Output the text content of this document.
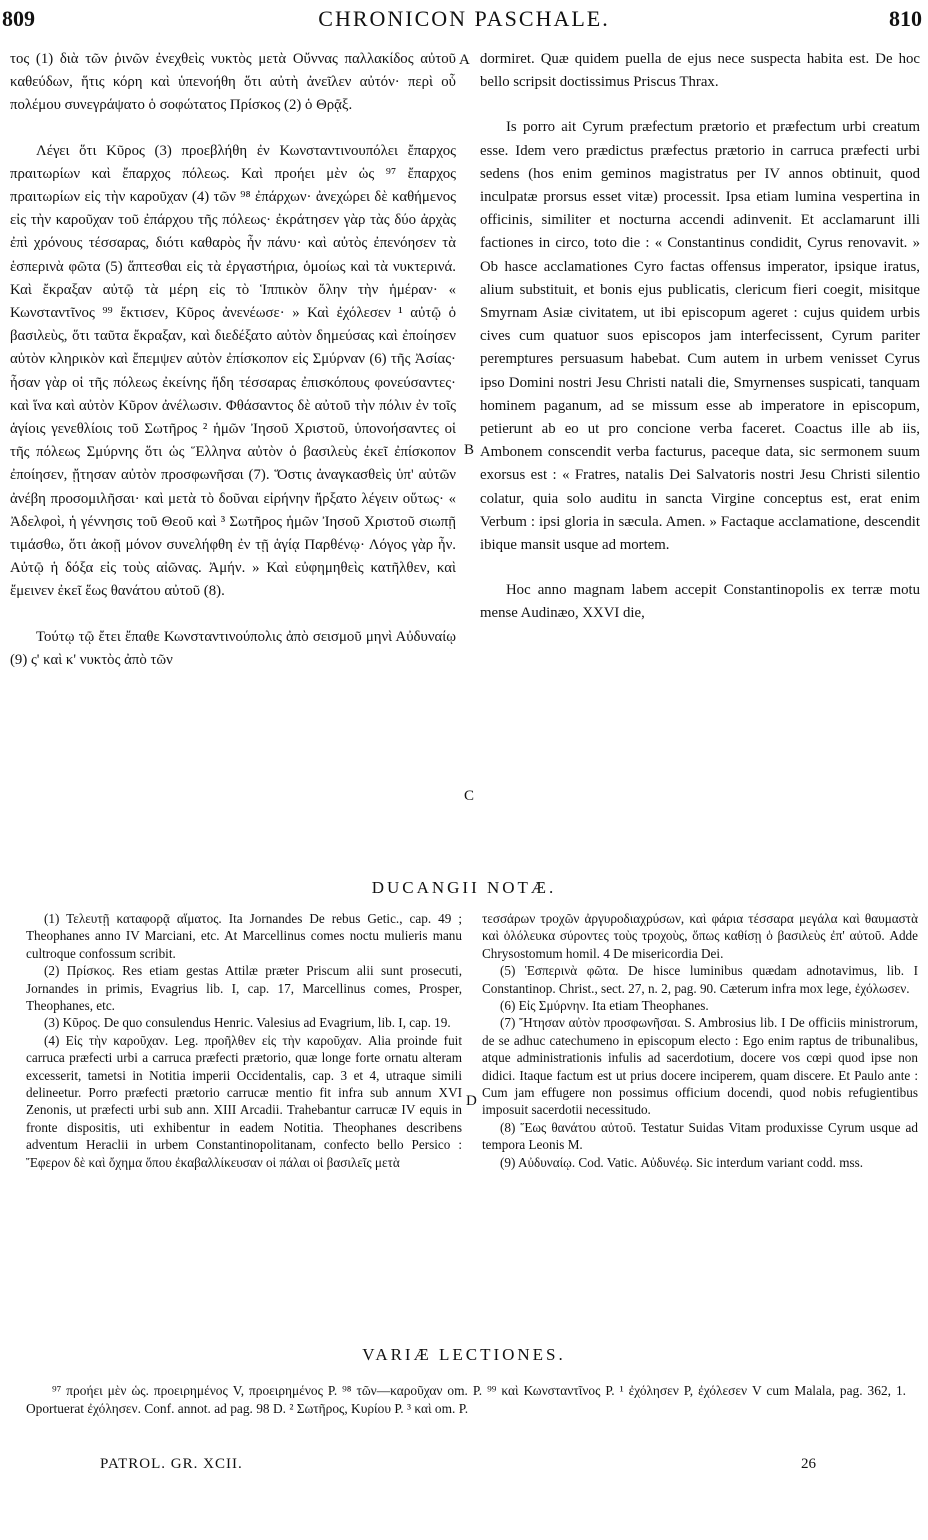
809	CHRONICON PASCHALE.	810

τος (1) διὰ τῶν ῥινῶν ἐνεχθεὶς νυκτὸς μετὰ Οὔννας παλλακίδος αὐτοῦ καθεύδων, ἥτις κόρη καὶ ὑπενοήθη ὅτι αὐτὴ ἀνεῖλεν αὐτόν· περὶ οὗ πολέμου συνεγράψατο ὁ σοφώτατος Πρίσκος (2) ὁ Θρᾷξ.

Λέγει ὅτι Κῦρος (3) προεβλήθη ἐν Κωνσταντινουπόλει ἔπαρχος πραιτωρίων καὶ ἔπαρχος πόλεως. Καὶ προήει μὲν ὡς ⁹⁷ ἔπαρχος πραιτωρίων εἰς τὴν καροῦχαν (4) τῶν ⁹⁸ ἐπάρχων· ἀνεχώρει δὲ καθήμενος εἰς τὴν καροῦχαν τοῦ ἐπάρχου τῆς πόλεως· ἐκράτησεν γὰρ τὰς δύο ἀρχὰς ἐπὶ χρόνους τέσσαρας, διότι καθαρὸς ἦν πάνυ· καὶ αὐτὸς ἐπενόησεν τὰ ἑσπερινὰ φῶτα (5) ἅπτεσθαι εἰς τὰ ἐργαστήρια, ὁμοίως καὶ τὰ νυκτερινά. Καὶ ἔκραξαν αὐτῷ τὰ μέρη εἰς τὸ Ἱππικὸν ὅλην τὴν ἡμέραν· « Κωνσταντῖνος ⁹⁹ ἔκτισεν, Κῦρος ἀνενέωσε· » Καὶ ἐχόλεσεν ¹ αὐτῷ ὁ βασιλεὺς, ὅτι ταῦτα ἔκραξαν, καὶ διεδέξατο αὐτὸν δημεύσας καὶ ἐποίησεν αὐτὸν κληρικὸν καὶ ἔπεμψεν αὐτὸν ἐπίσκοπον εἰς Σμύρναν (6) τῆς Ἀσίας· ἦσαν γὰρ οἱ τῆς πόλεως ἐκείνης ἤδη τέσσαρας ἐπισκόπους φονεύσαντες· καὶ ἵνα καὶ αὐτὸν Κῦρον ἀνέλωσιν. Φθάσαντος δὲ αὐτοῦ τὴν πόλιν ἐν τοῖς ἁγίοις γενεθλίοις τοῦ Σωτῆρος ² ἡμῶν Ἰησοῦ Χριστοῦ, ὑπονοήσαντες οἱ τῆς πόλεως Σμύρνης ὅτι ὡς Ἕλληνα αὐτὸν ὁ βασιλεὺς ἐκεῖ ἐπίσκοπον ἐποίησεν, ᾔτησαν αὐτὸν προσφωνῆσαι (7). Ὅστις ἀναγκασθεὶς ὑπ' αὐτῶν ἀνέβη προσομιλῆσαι· καὶ μετὰ τὸ δοῦναι εἰρήνην ἤρξατο λέγειν οὕτως· « Ἀδελφοὶ, ἡ γέννησις τοῦ Θεοῦ καὶ ³ Σωτῆρος ἡμῶν Ἰησοῦ Χριστοῦ σιωπῇ τιμάσθω, ὅτι ἀκοῇ μόνον συνελήφθη ἐν τῇ ἁγίᾳ Παρθένῳ· Λόγος γὰρ ἦν. Αὐτῷ ἡ δόξα εἰς τοὺς αἰῶνας. Ἀμήν. » Καὶ εὐφημηθεὶς κατῆλθεν, καὶ ἔμεινεν ἐκεῖ ἕως θανάτου αὐτοῦ (8).

Τούτῳ τῷ ἔτει ἔπαθε Κωνσταντινούπολις ἀπὸ σεισμοῦ μηνὶ Αὐδυναίῳ (9) ς' καὶ κ' νυκτὸς ἀπὸ τῶν

A
B
C

dormiret. Quæ quidem puella de ejus nece suspecta habita est. De hoc bello scripsit doctissimus Priscus Thrax.

Is porro ait Cyrum præfectum prætorio et præfectum urbi creatum esse. Idem vero prædictus præfectus prætorio in carruca præfecti urbi sedens (hos enim geminos magistratus per IV annos obtinuit, quod inculpatæ prorsus esset vitæ) processit. Ipsa etiam lumina vespertina in officinis, similiter et nocturna accendi adinvenit. Et acclamarunt illi factiones in circo, toto die : « Constantinus condidit, Cyrus renovavit. » Ob hasce acclamationes Cyro factas offensus imperator, ipsique iratus, alium substituit, et bonis ejus publicatis, clericum fieri coegit, misitque Smyrnam Asiæ civitatem, ut ibi episcopum ageret : cujus quidem urbis cives cum quatuor suos episcopos jam interfecissent, Cyrum pariter peremptures persuasum habebat. Cum autem in urbem venisset Cyrus ipso Domini nostri Jesu Christi natali die, Smyrnenses suspicati, tanquam hominem paganum, ad se missum esse ab imperatore in episcopum, petierunt ab eo ut pro concione verba faceret. Coactus ille ab iis, Ambonem conscendit verba facturus, paceque data, sic sermonem suum exorsus est : « Fratres, natalis Dei Salvatoris nostri Jesu Christi silentio colatur, quia solo auditu in sancta Virgine conceptus est, erat enim Verbum : ipsi gloria in sæcula. Amen. » Factaque acclamatione, descendit ibique mansit usque ad mortem.

Hoc anno magnam labem accepit Constantinopolis ex terræ motu mense Audinæo, XXVI die,

DUCANGII NOTÆ.

(1) Τελευτῇ καταφορᾷ αἵματος. Ita Jornandes De rebus Getic., cap. 49 ; Theophanes anno IV Marciani, etc. At Marcellinus comes noctu mulieris manu cultroque confossum scribit.

(2) Πρίσκος. Res etiam gestas Attilæ præter Priscum alii sunt prosecuti, Jornandes in primis, Evagrius lib. I, cap. 17, Marcellinus comes, Prosper, Theophanes, etc.

(3) Κῦρος. De quo consulendus Henric. Valesius ad Evagrium, lib. I, cap. 19.

(4) Εἰς τὴν καροῦχαν. Leg. προῆλθεν εἰς τὴν καροῦχαν. Alia proinde fuit carruca præfecti urbi a carruca præfecti prætorio, quæ longe forte ornatu alteram excesserit, tametsi in Notitia imperii Occidentalis, cap. 3 et 4, utraque simili delineetur. Porro præfecti prætorio carrucæ mentio fit infra sub annum XVI Zenonis, ut præfecti urbi sub ann. XIII Arcadii. Trahebantur carrucæ IV equis in fronte dispositis, uti exhibentur in eadem Notitia. Theophanes describens adventum Heraclii in urbem Constantinopolitanam, confecto bello Persico : Ἔφερον δὲ καὶ ὄχημα ὅπου ἐκαβαλλίκευσαν οἱ πάλαι οἱ βασιλεῖς μετὰ

D

τεσσάρων τροχῶν ἀργυροδιαχρύσων, καὶ φάρια τέσσαρα μεγάλα καὶ θαυμαστὰ καὶ ὁλόλευκα σύροντες τοὺς τροχοὺς, ὅπως καθίσῃ ὁ βασιλεὺς ἐπ' αὐτοῦ. Adde Chrysostomum homil. 4 De misericordia Dei.

(5) Ἑσπερινὰ φῶτα. De hisce luminibus quædam adnotavimus, lib. I Constantinop. Christ., sect. 27, n. 2, pag. 90. Cæterum infra mox lege, ἐχόλωσεν.

(6) Εἰς Σμύρνην. Ita etiam Theophanes.

(7) Ἤτησαν αὐτὸν προσφωνῆσαι. S. Ambrosius lib. I De officiis ministrorum, de se adhuc catechumeno in episcopum electo : Ego enim raptus de tribunalibus, atque administrationis infulis ad sacerdotium, docere vos cœpi quod ipse non didici. Itaque factum est ut prius docere inciperem, quam discere. Et Paulo ante : Cum jam effugere non possimus officium docendi, quod nobis refugientibus imposuit sacerdotii necessitudo.

(8) Ἕως θανάτου αὐτοῦ. Testatur Suidas Vitam produxisse Cyrum usque ad tempora Leonis M.

(9) Αὐδυναίῳ. Cod. Vatic. Αὐδυνέῳ. Sic interdum variant codd. mss.

VARIÆ LECTIONES.

⁹⁷ προήει μὲν ὡς. προειρημένος V, προειρημένος P. ⁹⁸ τῶν—καροῦχαν om. P. ⁹⁹ καὶ Κωνσταντῖνος P. ¹ ἐχόλησεν P, ἐχόλεσεν V cum Malala, pag. 362, 1. Oportuerat ἐχόλησεν. Conf. annot. ad pag. 98 D. ² Σωτῆρος, Κυρίου P. ³ καὶ om. P.

PATROL. GR. XCII.	26
